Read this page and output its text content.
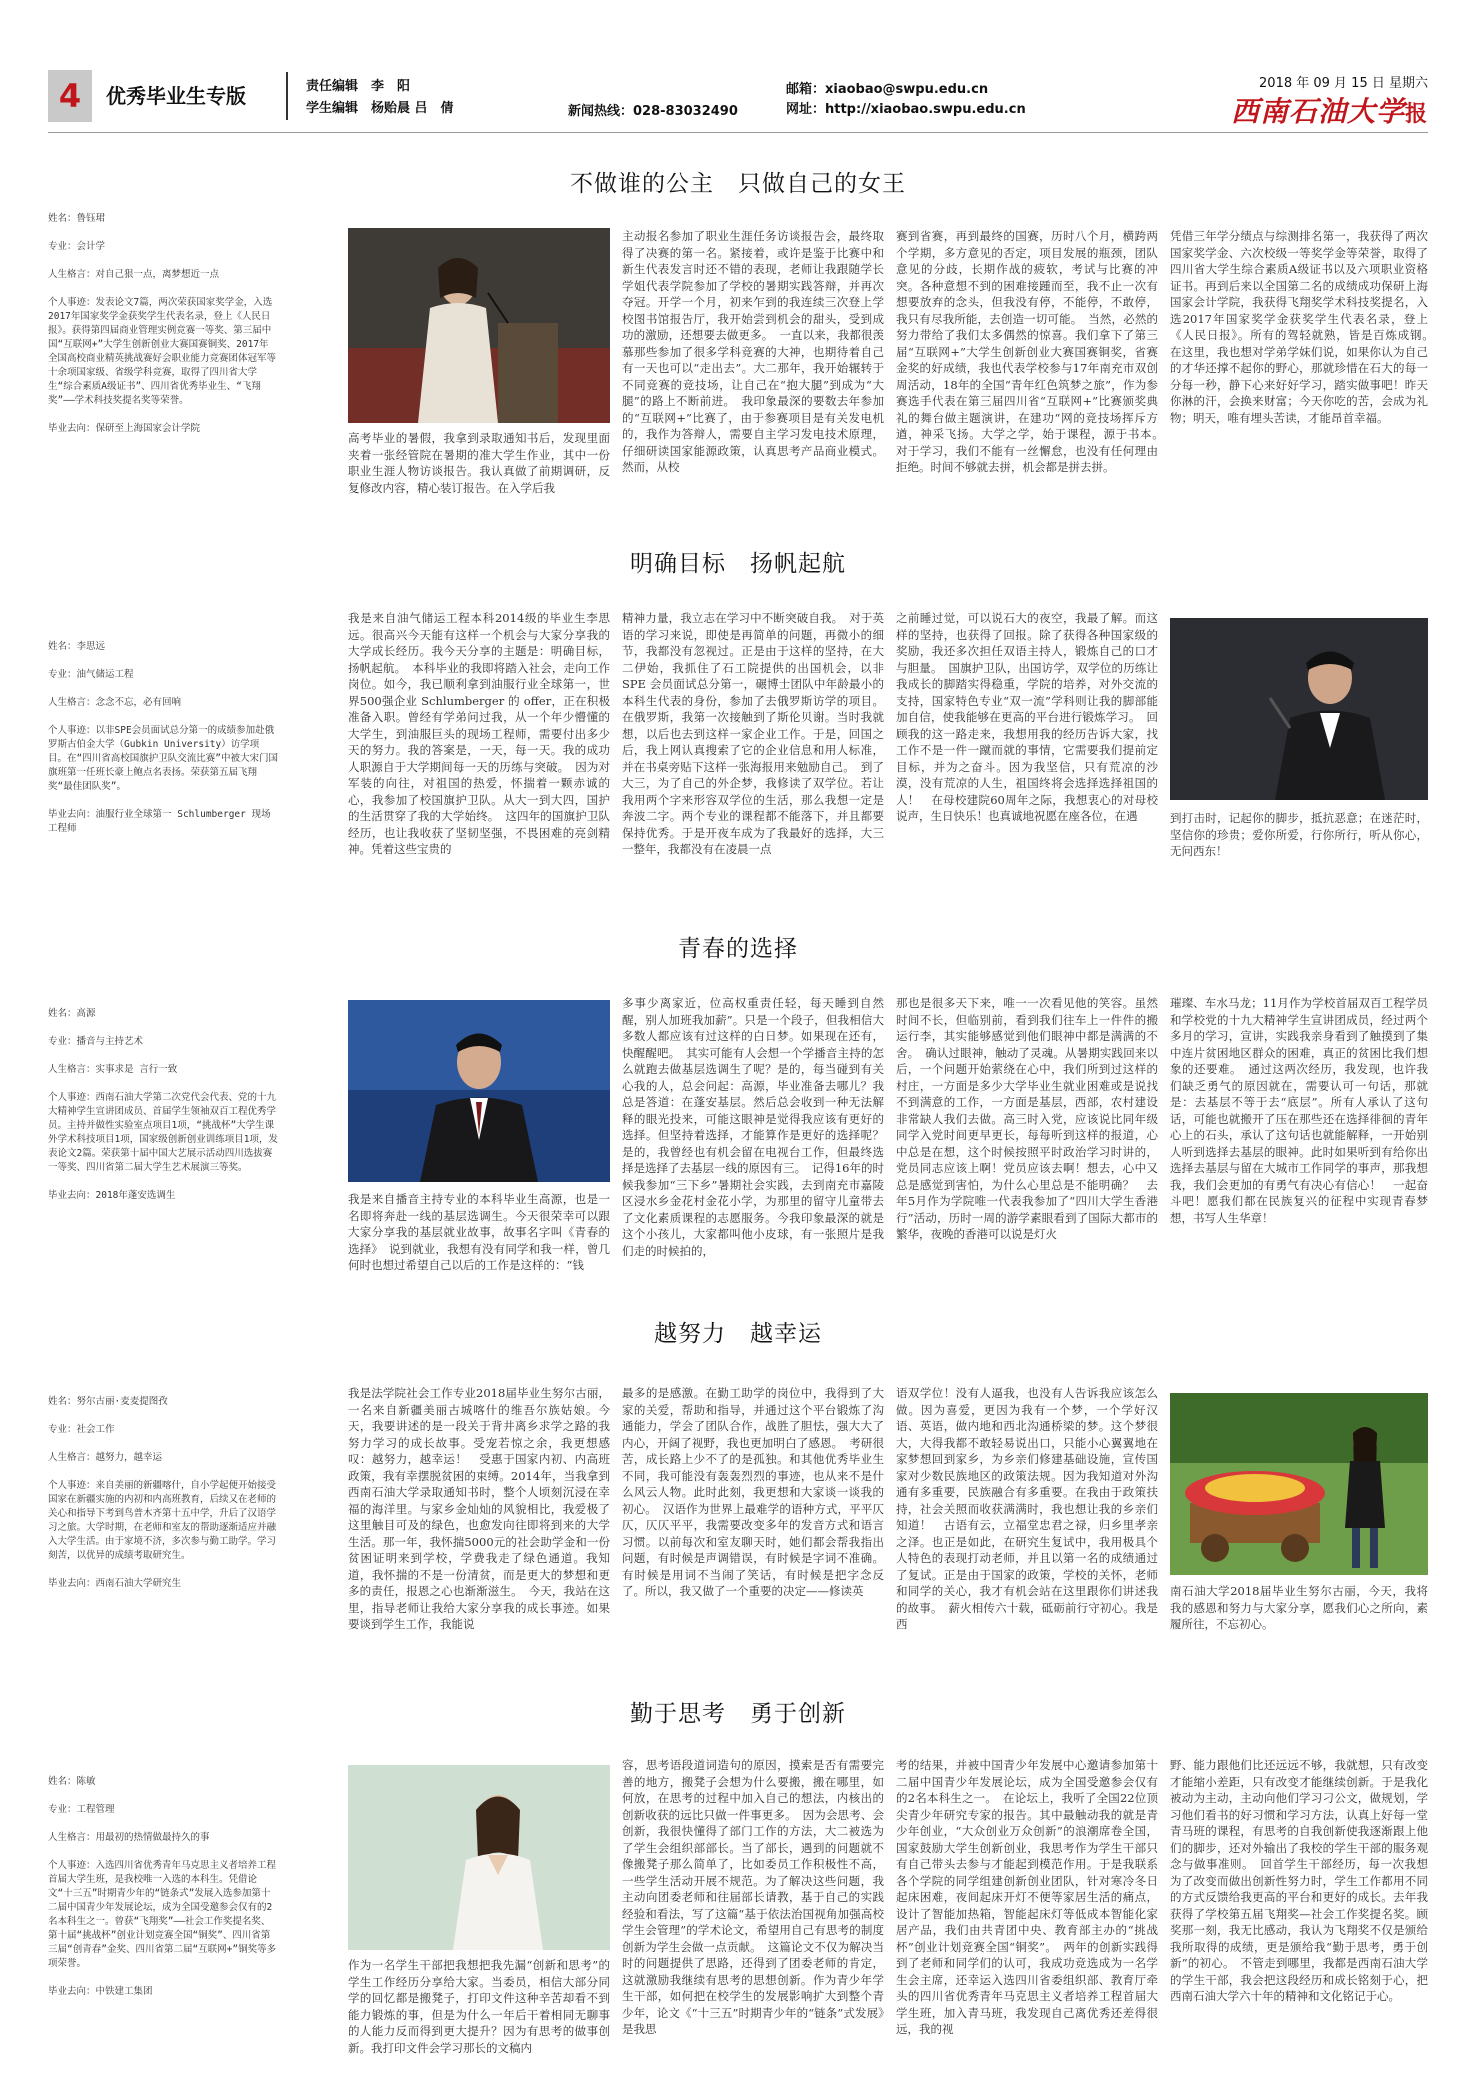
4	优秀毕业生专版	责任编辑　李　阳
学生编辑　杨贻晨 吕　倩	新闻热线：028-83032490
邮箱：xiaobao@swpu.edu.cn
网址：http://xiaobao.swpu.edu.cn
2018 年 09 月 15 日 星期六
西南石油大学报
不做谁的公主　只做自己的女王
姓名：鲁钰珺
专业：会计学
人生格言：对自己狠一点，离梦想近一点
个人事迹：发表论文7篇，两次荣获国家奖学金，入选2017年国家奖学金获奖学生代表名录，登上《人民日报》。获得第四届商业管理实例竞赛一等奖、第三届中国“互联网+”大学生创新创业大赛国赛铜奖、2017年全国高校商业精英挑战赛好会职业能力竞赛团体冠军等十余项国家级、省级学科竞赛，取得了四川省大学生“综合素质A级证书”、四川省优秀毕业生、“飞翔奖”——学术科技奖提名奖等荣誉。
毕业去向：保研至上海国家会计学院
高考毕业的暑假，我拿到录取通知书后，发现里面夹着一张经管院在暑期的准大学生作业，其中一份职业生涯人物访谈报告。我认真做了前期调研，反复修改内容，精心装订报告。在入学后我
主动报名参加了职业生涯任务访谈报告会，最终取得了决赛的第一名。紧接着，或许是鉴于比赛中和新生代表发言时还不错的表现，老师让我跟随学长学姐代表学院参加了学校的暑期实践答辩，并再次夺冠。开学一个月，初来乍到的我连续三次登上学校图书馆报告厅，我开始尝到机会的甜头，受到成功的激励，还想要去做更多。　一直以来，我都很羡慕那些参加了很多学科竞赛的大神，也期待着自己有一天也可以“走出去”。大二那年，我开始辗转于不同竞赛的竞技场，让自己在“抱大腿”到成为“大腿”的路上不断前进。　我印象最深的要数去年参加的“互联网+”比赛了，由于参赛项目是有关发电机的，我作为答辩人，需要自主学习发电技术原理，仔细研读国家能源政策，认真思考产品商业模式。然而，从校
赛到省赛，再到最终的国赛，历时八个月，横跨两个学期，多方意见的否定，项目发展的瓶颈，团队意见的分歧，长期作战的疲软，考试与比赛的冲突。各种意想不到的困难接踵而至，我不止一次有想要放弃的念头，但我没有停，不能停，不敢停，我只有尽我所能，去创造一切可能。　当然，必然的努力带给了我们太多偶然的惊喜。我们拿下了第三届“互联网+”大学生创新创业大赛国赛铜奖，省赛金奖的好成绩，我也代表学校参与17年南充市双创周活动，18年的全国“青年红色筑梦之旅”，作为参赛选手代表在第三届四川省“互联网+”比赛颁奖典礼的舞台做主题演讲，在建功“网的竞技场挥斥方遒，神采飞扬。大学之学，始于课程，源于书本。　对于学习，我们不能有一丝懈怠，也没有任何理由拒绝。时间不够就去拼，机会都是拼去拼。
凭借三年学分绩点与综测排名第一，我获得了两次国家奖学金、六次校级一等奖学金等荣誉，取得了四川省大学生综合素质A级证书以及六项职业资格证书。再到后来以全国第二名的成绩成功保研上海国家会计学院，我获得飞翔奖学术科技奖提名，入选2017年国家奖学金获奖学生代表名录，登上《人民日报》。所有的驾轻就熟，皆是百炼成钢。　在这里，我也想对学弟学妹们说，如果你认为自己的才华还撑不起你的野心，那就珍惜在石大的每一分每一秒，静下心来好好学习，踏实做事吧！昨天你淋的汗，会换来财富；今天你吃的苦，会成为礼物；明天，唯有埋头苦读，才能昂首幸福。
明确目标　扬帆起航
姓名：李思远
专业：油气储运工程
人生格言：念念不忘，必有回响
个人事迹：以非SPE会员面试总分第一的成绩参加赴俄罗斯古伯金大学（Gubkin University）访学项目。在“四川省高校国旗护卫队交流比赛”中被大宋门国旗班第一任班长豪上鲍点名表扬。荣获第五届飞翔奖“最佳团队奖”。
毕业去向：油服行业全球第一 Schlumberger 现场工程师
我是来自油气储运工程本科2014级的毕业生李思远。很高兴今天能有这样一个机会与大家分享我的大学成长经历。我今天分享的主题是：明确目标，扬帆起航。　本科毕业的我即将踏入社会，走向工作岗位。如今，我已顺利拿到油服行业全球第一，世界500强企业 Schlumberger 的 offer，正在积极准备入职。曾经有学弟问过我，从一个年少懵懂的大学生，到油服巨头的现场工程师，需要付出多少天的努力。我的答案是，一天，每一天。我的成功人职源自于大学期间每一天的历练与突破。　因为对军装的向往，对祖国的热爱，怀揣着一颗赤诚的心，我参加了校国旗护卫队。从大一到大四，国护的生活贯穿了我的大学始终。　这四年的国旗护卫队经历，也让我收获了坚韧坚强，不畏困难的亮剑精神。凭着这些宝贵的
精神力量，我立志在学习中不断突破自我。　对于英语的学习来说，即使是再简单的问题，再微小的细节，我都没有忽视过。正是由于这样的坚持，在大二伊始，我抓住了石工院提供的出国机会，以非 SPE 会员面试总分第一，碾博士团队中年龄最小的本科生代表的身份，参加了去俄罗斯访学的项目。在俄罗斯，我第一次接触到了斯伦贝谢。当时我就想，以后也去到这样一家企业工作。于是，回国之后，我上网认真搜索了它的企业信息和用人标准，并在书桌旁贴下这样一张海报用来勉励自己。　到了大三，为了自己的外企梦，我修读了双学位。若让我用两个字来形容双学位的生活，那么我想一定是奔波二字。两个专业的课程都不能落下，并且都要保持优秀。于是开夜车成为了我最好的选择，大三一整年，我都没有在凌晨一点
之前睡过觉，可以说石大的夜空，我最了解。而这样的坚持，也获得了回报。除了获得各种国家级的奖励，我还多次担任双语主持人，锻炼自己的口才与胆量。　国旗护卫队，出国访学，双学位的历练让我成长的脚踏实得稳重，学院的培养，对外交流的支持，国家特色专业“双一流”学科则让我的脚部能加自信，使我能够在更高的平台进行锻炼学习。　回顾我的这一路走来，我想用我的经历告诉大家，找工作不是一件一蹴而就的事情，它需要我们提前定目标，并为之奋斗。因为我坚信，只有荒凉的沙漠，没有荒凉的人生，祖国终将会选择选择祖国的人！　在母校建院60周年之际，我想衷心的对母校说声，生日快乐！也真诚地祝愿在座各位，在遇	到打击时，记起你的脚步，抵抗恶意；在迷茫时，坚信你的珍贵；爱你所爱，行你所行，听从你心，无问西东！
青春的选择
姓名：高源
专业：播音与主持艺术
人生格言：实事求是 言行一致
个人事迹：西南石油大学第二次党代会代表、党的十九大精神学生宣讲团成员、首届学生领袖双百工程优秀学员。主持并做性实验室点项目1项，“挑战杯”大学生课外学术科技项目1项，国家级创新创业训练项目1项，发表论文2篇。荣获第十届中国大艺展示活动四川选拔赛一等奖、四川省第二届大学生艺术展演三等奖。
毕业去向：2018年蓬安选调生	我是来自播音主持专业的本科毕业生高源，也是一名即将奔赴一线的基层选调生。今天很荣幸可以跟大家分享我的基层就业故事，故事名字叫《青春的选择》　说到就业，我想有没有同学和我一样，曾几何时也想过希望自己以后的工作是这样的：“钱
多事少离家近，位高权重责任轻，每天睡到自然醒，别人加班我加薪”。只是一个段子，但我相信大多数人都应该有过这样的白日梦。如果现在还有，快醒醒吧。　其实可能有人会想一个学播音主持的怎么就跑去做基层选调生了呢？是的，每当碰到有关心我的人，总会问起：高源，毕业准备去哪儿？我总是答道：在蓬安基层。然后总会收到一种无法解释的眼光投来，可能这眼神是觉得我应该有更好的选择。但坚持着选择，才能算作是更好的选择呢？是的，我曾经也有机会留在电视台工作，但最终选择是选择了去基层一线的原因有三。　记得16年的时候我参加“三下乡”暑期社会实践，去到南充市嘉陵区浸水乡金花村金花小学，为那里的留守儿童带去了文化素质课程的志愿服务。今我印象最深的就是这个小孩儿，大家都叫他小皮球，有一张照片是我们走的时候拍的，
那也是很多天下来，唯一一次看见他的笑容。虽然时间不长，但临别前，看到我们往车上一件件的搬运行李，其实能够感觉到他们眼神中都是满满的不舍。　确认过眼神，触动了灵魂。从暑期实践回来以后，一个问题开始萦绕在心中，我们所到过这样的村庄，一方面是多少大学毕业生就业困难或是说找不到满意的工作，一方面是基层，西部，农村建设非常缺人我们去做。高三时入党，应该说比同年级同学入党时间更早更长，每每听到这样的报道，心中总是在想，这个时候按照平时政治学习时讲的，党员同志应该上啊！党员应该去啊！想去，心中又总是感觉到害怕，为什么心里总是不能明确？　去年5月作为学院唯一代表我参加了“四川大学生香港行”活动，历时一周的游学素眼看到了国际大都市的繁华，夜晚的香港可以说是灯火
璀璨、车水马龙；11月作为学校首届双百工程学员和学校党的十九大精神学生宣讲团成员，经过两个多月的学习，宣讲，实践我亲身看到了触摸到了集中连片贫困地区群众的困难，真正的贫困比我们想象的还要难。　通过这两次经历，我发现，也许我们缺乏勇气的原因就在，需要认可一句话，那就是：去基层不等于去“底层”。所有人承认了这句话，可能也就搬开了压在那些还在选择徘徊的青年心上的石头，承认了这句话也就能解释，一开始别人听到选择去基层的眼神。此时如果听到有给你出选择去基层与留在大城市工作同学的事声，那我想我，我们会更加的有勇气有决心有信心！　一起奋斗吧！愿我们都在民族复兴的征程中实现青春梦想，书写人生华章！
越努力　越幸运
姓名：努尔古丽·麦麦提图孜
专业：社会工作
人生格言：越努力，越幸运
个人事迹：来自美丽的新疆喀什，自小学起便开始接受国家在新疆实施的内初和内高班教育，后续又在老师的关心和指导下考到鸟普木齐第十五中学，升后了汉语学习之旅。大学时期，在老师和室友的帮助逐渐适应并融入大学生活。由于家境不济，多次参与勤工助学。学习刻苦，以优异的成绩考取研究生。
毕业去向：西南石油大学研究生
我是法学院社会工作专业2018届毕业生努尔古丽，一名来自新疆美丽古城喀什的维吾尔族姑娘。今天，我要讲述的是一段关于背井离乡求学之路的我努力学习的成长故事。受宠若惊之余，我更想感叹：越努力，越幸运！　受惠于国家内初、内高班政策，我有幸摆脱贫困的束缚。2014年，当我拿到西南石油大学录取通知书时，整个人顷刻沉浸在幸福的海洋里。与家乡金灿灿的风貌相比，我爱极了这里触目可及的绿色，也愈发向往即将到来的大学生活。那一年，我怀揣5000元的社会助学金和一份贫困证明来到学校，学费我走了绿色通道。我知道，我怀揣的不是一份清贫，而是更大的梦想和更多的责任，报恩之心也渐渐滋生。　今天，我站在这里，指导老师让我给大家分享我的成长事迹。如果要谈到学生工作，我能说
最多的是感激。在勤工助学的岗位中，我得到了大家的关爱，帮助和指导，并通过这个平台锻炼了沟通能力，学会了团队合作，战胜了胆怯，强大大了内心，开阔了视野，我也更加明白了感恩。　考研很苦，成长路上少不了的是孤独。和其他优秀毕业生不同，我可能没有轰轰烈烈的事迹，也从来不是什么风云人物。此时此刻，我更想和大家谈一谈我的初心。　汉语作为世界上最难学的语种方式，平平仄仄，仄仄平平，我需要改变多年的发音方式和语言习惯。以前每次和室友聊天时，她们都会帮我指出问题，有时候是声调错误，有时候是字词不准确。有时候是用词不当闹了笑话，有时候是把字念反了。所以，我又做了一个重要的决定——修读英
语双学位！没有人逼我，也没有人告诉我应该怎么做。因为喜爱，更因为我有一个梦，一个学好汉语、英语，做内地和西北沟通桥梁的梦。这个梦很大，大得我都不敢轻易说出口，只能小心翼翼地在家梦想回到家乡，为乡亲们修建基础设施，宣传国家对少数民族地区的政策法规。因为我知道对外沟通有多重要，民族融合有多重要。在我由于政策扶持，社会关照而收获满满时，我也想让我的乡亲们知道！　古语有云，立福堂忠君之禄，归乡里孝亲之泽。也正是如此，在研究生复试中，我用极具个人特色的表现打动老师，并且以第一名的成绩通过了复试。正是由于国家的政策，学校的关怀，老师和同学的关心，我才有机会站在这里跟你们讲述我的故事。　薪火相传六十载，砥砺前行守初心。我是西
南石油大学2018届毕业生努尔古丽，今天，我将我的感恩和努力与大家分享，愿我们心之所向，素履所往，不忘初心。
勤于思考　勇于创新
姓名：陈敏
专业：工程管理
人生格言：用最初的热情做最持久的事
个人事迹：入选四川省优秀青年马克思主义者培养工程首届大学生班，是我校唯一入选的本科生。凭借论文“十三五”时期青少年的“链条式”发展入选参加第十二届中国青少年发展论坛，成为全国受邀参会仅有的2名本科生之一。曾获“飞翔奖”——社会工作奖提名奖、第十届“挑战杯”创业计划竞赛全国“铜奖”、四川省第三届“创青春”金奖、四川省第二届“互联网+”铜奖等多项荣誉。
毕业去向：中铁建工集团
作为一名学生干部把我想把我先漏“创新和思考”的学生工作经历分享给大家。当委员，相信大部分同学的回忆都是搬凳子，打印文件这种辛苦却看不到能力锻炼的事，但是为什么一年后干着相同无聊事的人能力反而得到更大提升？因为有思考的做事创新。我打印文件会学习那长的文稿内
容，思考语段道词造句的原因，摸索是否有需要完善的地方，搬凳子会想为什么要搬，搬在哪里，如何放，在思考的过程中加入自己的想法，内核出的创新收获的远比只做一件事更多。　因为会思考、会创新，我很快懂得了部门工作的方法，大二被选为了学生会组织部部长。当了部长，遇到的问题就不像搬凳子那么简单了，比如委员工作积极性不高，一些学生活动开展不规范。为了解决这些问题，我主动向团委老师和往届部长请教，基于自己的实践经验和看法，写了这篇“基于依法治国视角加强高校学生会管理”的学术论文，希望用自己有思考的制度创新为学生会做一点贡献。　这篇论文不仅为解决当时的问题提供了思路，还得到了团委老师的肯定，这就激励我继续有思考的思想创新。作为青少年学生干部，如何把在校学生的发展影响扩大到整个青少年，论文《“十三五”时期青少年的“链条”式发展》是我思
考的结果，并被中国青少年发展中心邀请参加第十二届中国青少年发展论坛，成为全国受邀参会仅有的2名本科生之一。　在论坛上，我听了全国22位顶尖青少年研究专家的报告。其中最触动我的就是青少年创业，“大众创业万众创新”的浪潮席卷全国，国家鼓励大学生创新创业，我思考作为学生干部只有自己带头去参与才能起到模范作用。于是我联系各个学院的同学组建创新创业团队，针对寒冷冬日起床困难，夜间起床开灯不便等家居生活的痛点，设计了智能加热箱，智能起床灯等低成本智能化家居产品，我们由共青团中央、教育部主办的“挑战杯”创业计划竞赛全国“铜奖”。　两年的创新实践得到了老师和同学们的认可，我成功竞选成为一名学生会主席，还幸运入选四川省委组织部、教育厅牵头的四川省优秀青年马克思主义者培养工程首届大学生班，加入青马班，我发现自己离优秀还差得很远，我的视
野、能力跟他们比还远远不够，我就想，只有改变才能缩小差距，只有改变才能继续创新。于是我化被动为主动，主动向他们学习刁公文，做规划，学习他们看书的好习惯和学习方法，认真上好每一堂青马班的课程，有思考的自我创新使我逐渐跟上他们的脚步，还对外输出了我校的学生干部的服务观念与做事准则。　回首学生干部经历，每一次我想为了改变而做出创新性努力时，学生工作都用不同的方式反馈给我更高的平台和更好的成长。去年我获得了学校第五届飞翔奖—社会工作奖提名奖。顾奖那一刻，我无比感动，我认为飞翔奖不仅是颁给我所取得的成绩，更是颁给我“勤于思考，勇于创新”的初心。　不管走到哪里，我都是西南石油大学的学生干部，我会把这段经历和成长铭刻于心，把西南石油大学六十年的精神和文化铭记于心。
